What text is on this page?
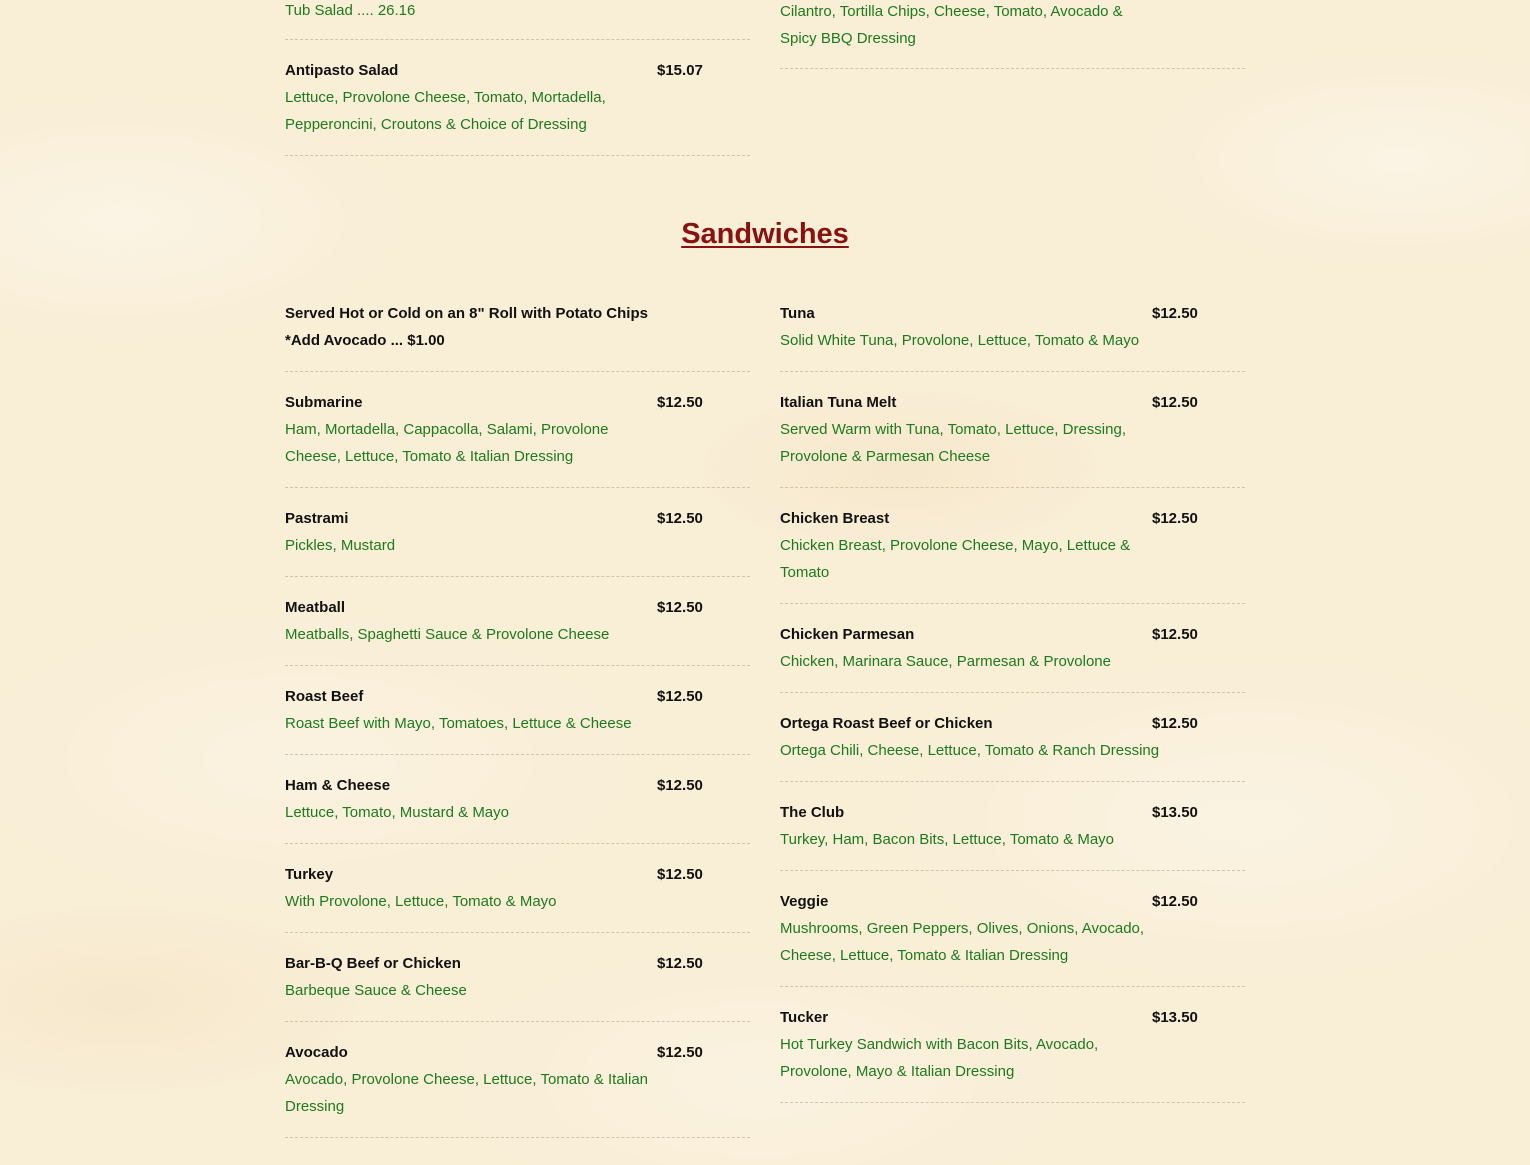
Tub Salad .... 26.16
Antipasto Salad	$15.07
Lettuce, Provolone Cheese, Tomato, Mortadella, Pepperoncini, Croutons & Choice of Dressing
Cilantro, Tortilla Chips, Cheese, Tomato, Avocado & Spicy BBQ Dressing
Sandwiches
Served Hot or Cold on an 8" Roll with Potato Chips
*Add Avocado ... $1.00
Submarine	$12.50
Ham, Mortadella, Cappacolla, Salami, Provolone Cheese, Lettuce, Tomato & Italian Dressing
Pastrami	$12.50
Pickles, Mustard
Meatball	$12.50
Meatballs, Spaghetti Sauce & Provolone Cheese
Roast Beef	$12.50
Roast Beef with Mayo, Tomatoes, Lettuce & Cheese
Ham & Cheese	$12.50
Lettuce, Tomato, Mustard & Mayo
Turkey	$12.50
With Provolone, Lettuce, Tomato & Mayo
Bar-B-Q Beef or Chicken	$12.50
Barbeque Sauce & Cheese
Avocado	$12.50
Avocado, Provolone Cheese, Lettuce, Tomato & Italian Dressing
Tuna	$12.50
Solid White Tuna, Provolone, Lettuce, Tomato & Mayo
Italian Tuna Melt	$12.50
Served Warm with Tuna, Tomato, Lettuce, Dressing, Provolone & Parmesan Cheese
Chicken Breast	$12.50
Chicken Breast, Provolone Cheese, Mayo, Lettuce & Tomato
Chicken Parmesan	$12.50
Chicken, Marinara Sauce, Parmesan & Provolone
Ortega Roast Beef or Chicken	$12.50
Ortega Chili, Cheese, Lettuce, Tomato & Ranch Dressing
The Club	$13.50
Turkey, Ham, Bacon Bits, Lettuce, Tomato & Mayo
Veggie	$12.50
Mushrooms, Green Peppers, Olives, Onions, Avocado, Cheese, Lettuce, Tomato & Italian Dressing
Tucker	$13.50
Hot Turkey Sandwich with Bacon Bits, Avocado, Provolone, Mayo & Italian Dressing
